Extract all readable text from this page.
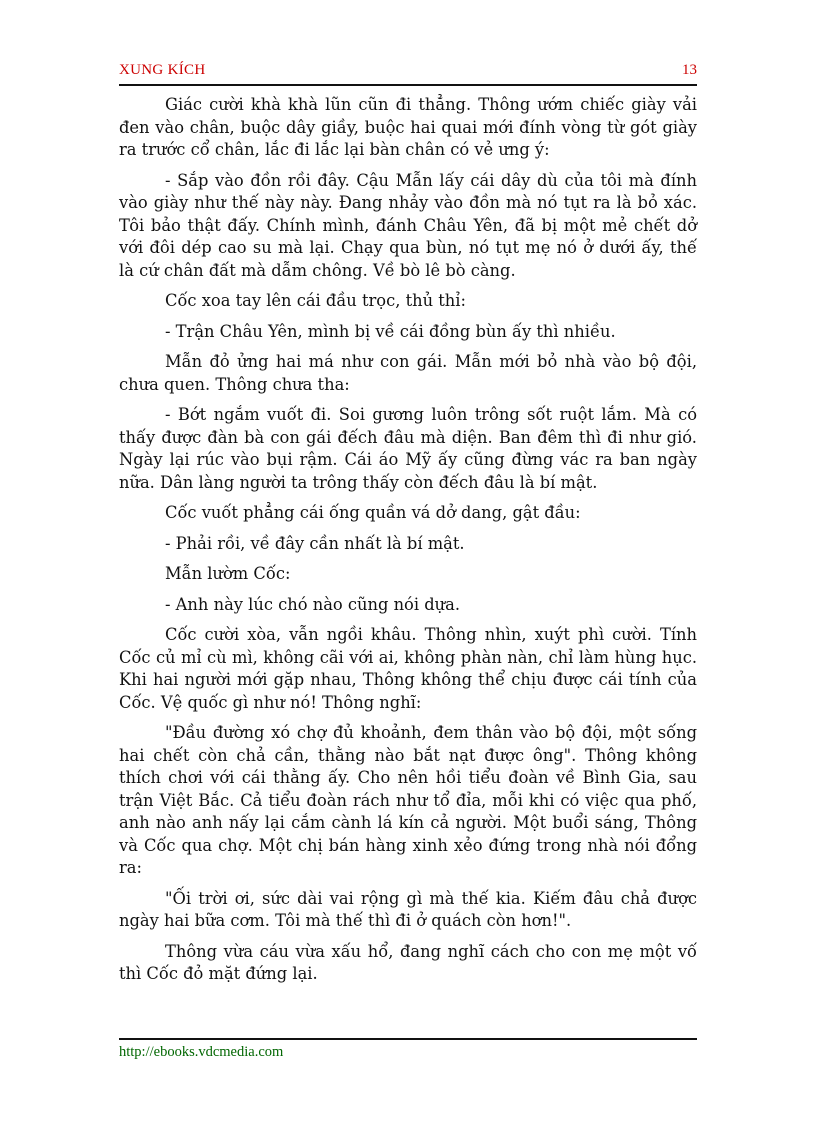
XUNG KÍCH	13

Giác cười khà khà lũn cũn đi thẳng. Thông ướm chiếc giày vải đen vào chân, buộc dây giầy, buộc hai quai mới đính vòng từ gót giày ra trước cổ chân, lắc đi lắc lại bàn chân có vẻ ưng ý:

- Sắp vào đồn rồi đây. Cậu Mẫn lấy cái dây dù của tôi mà đính vào giày như thế này này. Đang nhảy vào đồn mà nó tụt ra là bỏ xác. Tôi bảo thật đấy. Chính mình, đánh Châu Yên, đã bị một mẻ chết dở với đôi dép cao su mà lại. Chạy qua bùn, nó tụt mẹ nó ở dưới ấy, thế là cứ chân đất mà dẫm chông. Về bò lê bò càng.

Cốc xoa tay lên cái đầu trọc, thủ thỉ:

- Trận Châu Yên, mình bị về cái đồng bùn ấy thì nhiều.

Mẫn đỏ ửng hai má như con gái. Mẫn mới bỏ nhà vào bộ đội, chưa quen. Thông chưa tha:

- Bớt ngắm vuốt đi. Soi gương luôn trông sốt ruột lắm. Mà có thấy được đàn bà con gái đếch đâu mà diện. Ban đêm thì đi như gió. Ngày lại rúc vào bụi rậm. Cái áo Mỹ ấy cũng đừng vác ra ban ngày nữa. Dân làng người ta trông thấy còn đếch đâu là bí mật.

Cốc vuốt phẳng cái ống quần vá dở dang, gật đầu:

- Phải rồi, về đây cần nhất là bí mật.

Mẫn lườm Cốc:

- Anh này lúc chó nào cũng nói dựa.

Cốc cười xòa, vẫn ngồi khâu. Thông nhìn, xuýt phì cười. Tính Cốc củ mỉ cù mì, không cãi với ai, không phàn nàn, chỉ làm hùng hục. Khi hai người mới gặp nhau, Thông không thể chịu được cái tính của Cốc. Vệ quốc gì như nó! Thông nghĩ:

"Đầu đường xó chợ đủ khoảnh, đem thân vào bộ đội, một sống hai chết còn chả cần, thằng nào bắt nạt được ông". Thông không thích chơi với cái thằng ấy. Cho nên hồi tiểu đoàn về Bình Gia, sau trận Việt Bắc. Cả tiểu đoàn rách như tổ đỉa, mỗi khi có việc qua phố, anh nào anh nấy lại cắm cành lá kín cả người. Một buổi sáng, Thông và Cốc qua chợ. Một chị bán hàng xinh xẻo đứng trong nhà nói đổng ra:

"Ối trời ơi, sức dài vai rộng gì mà thế kia. Kiếm đâu chả được ngày hai bữa cơm. Tôi mà thế thì đi ở quách còn hơn!".

Thông vừa cáu vừa xấu hổ, đang nghĩ cách cho con mẹ một vố thì Cốc đỏ mặt đứng lại.

http://ebooks.vdcmedia.com
